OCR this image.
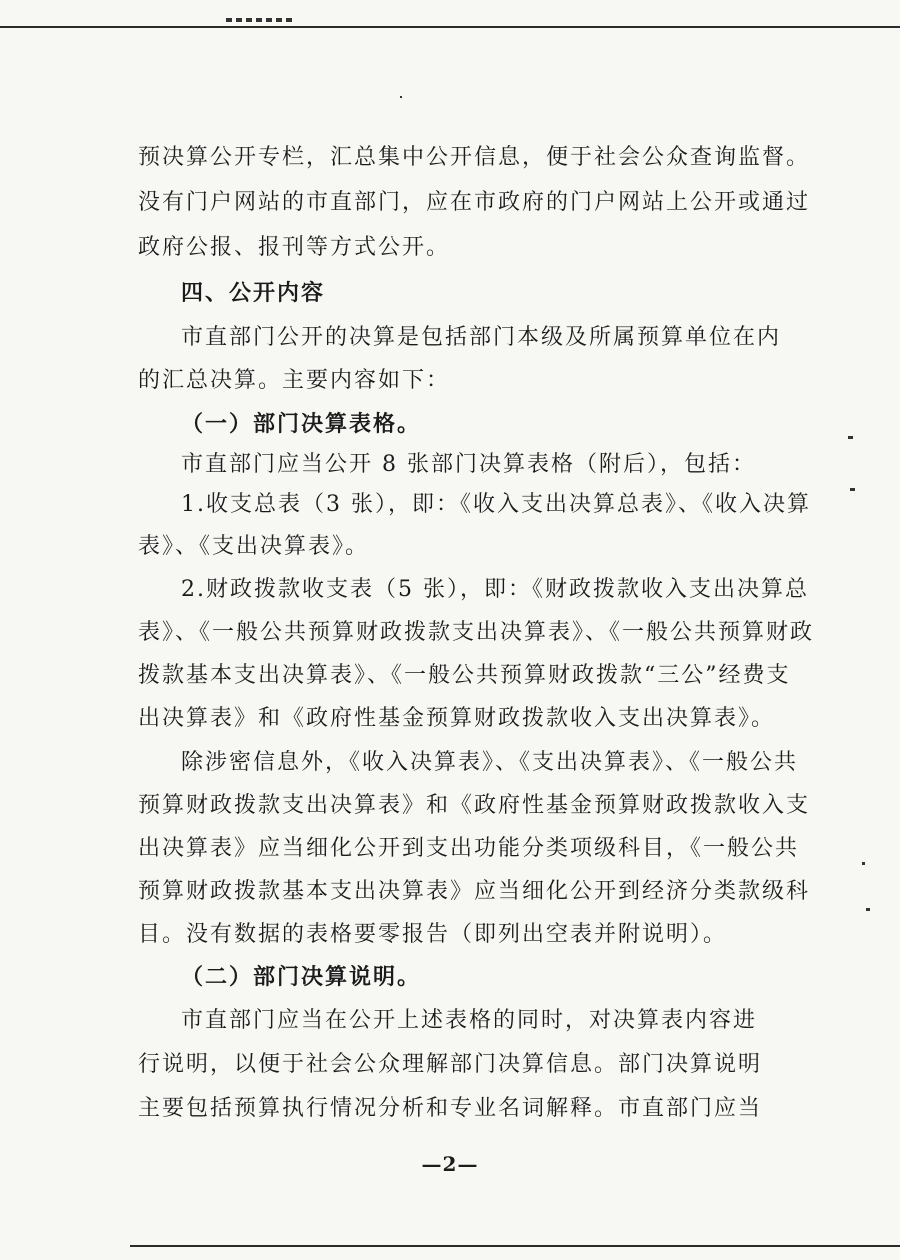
预决算公开专栏，汇总集中公开信息，便于社会公众查询监督。
没有门户网站的市直部门，应在市政府的门户网站上公开或通过
政府公报、报刊等方式公开。
四、公开内容
市直部门公开的决算是包括部门本级及所属预算单位在内
的汇总决算。主要内容如下：
（一）部门决算表格。
市直部门应当公开 8 张部门决算表格（附后），包括：
1.收支总表（3 张），即：《收入支出决算总表》、《收入决算
表》、《支出决算表》。
2.财政拨款收支表（5 张），即：《财政拨款收入支出决算总
表》、《一般公共预算财政拨款支出决算表》、《一般公共预算财政
拨款基本支出决算表》、《一般公共预算财政拨款“三公”经费支
出决算表》和《政府性基金预算财政拨款收入支出决算表》。
除涉密信息外，《收入决算表》、《支出决算表》、《一般公共
预算财政拨款支出决算表》和《政府性基金预算财政拨款收入支
出决算表》应当细化公开到支出功能分类项级科目，《一般公共
预算财政拨款基本支出决算表》应当细化公开到经济分类款级科
目。没有数据的表格要零报告（即列出空表并附说明）。
（二）部门决算说明。
市直部门应当在公开上述表格的同时，对决算表内容进
行说明，以便于社会公众理解部门决算信息。部门决算说明
主要包括预算执行情况分析和专业名词解释。市直部门应当
—2—
